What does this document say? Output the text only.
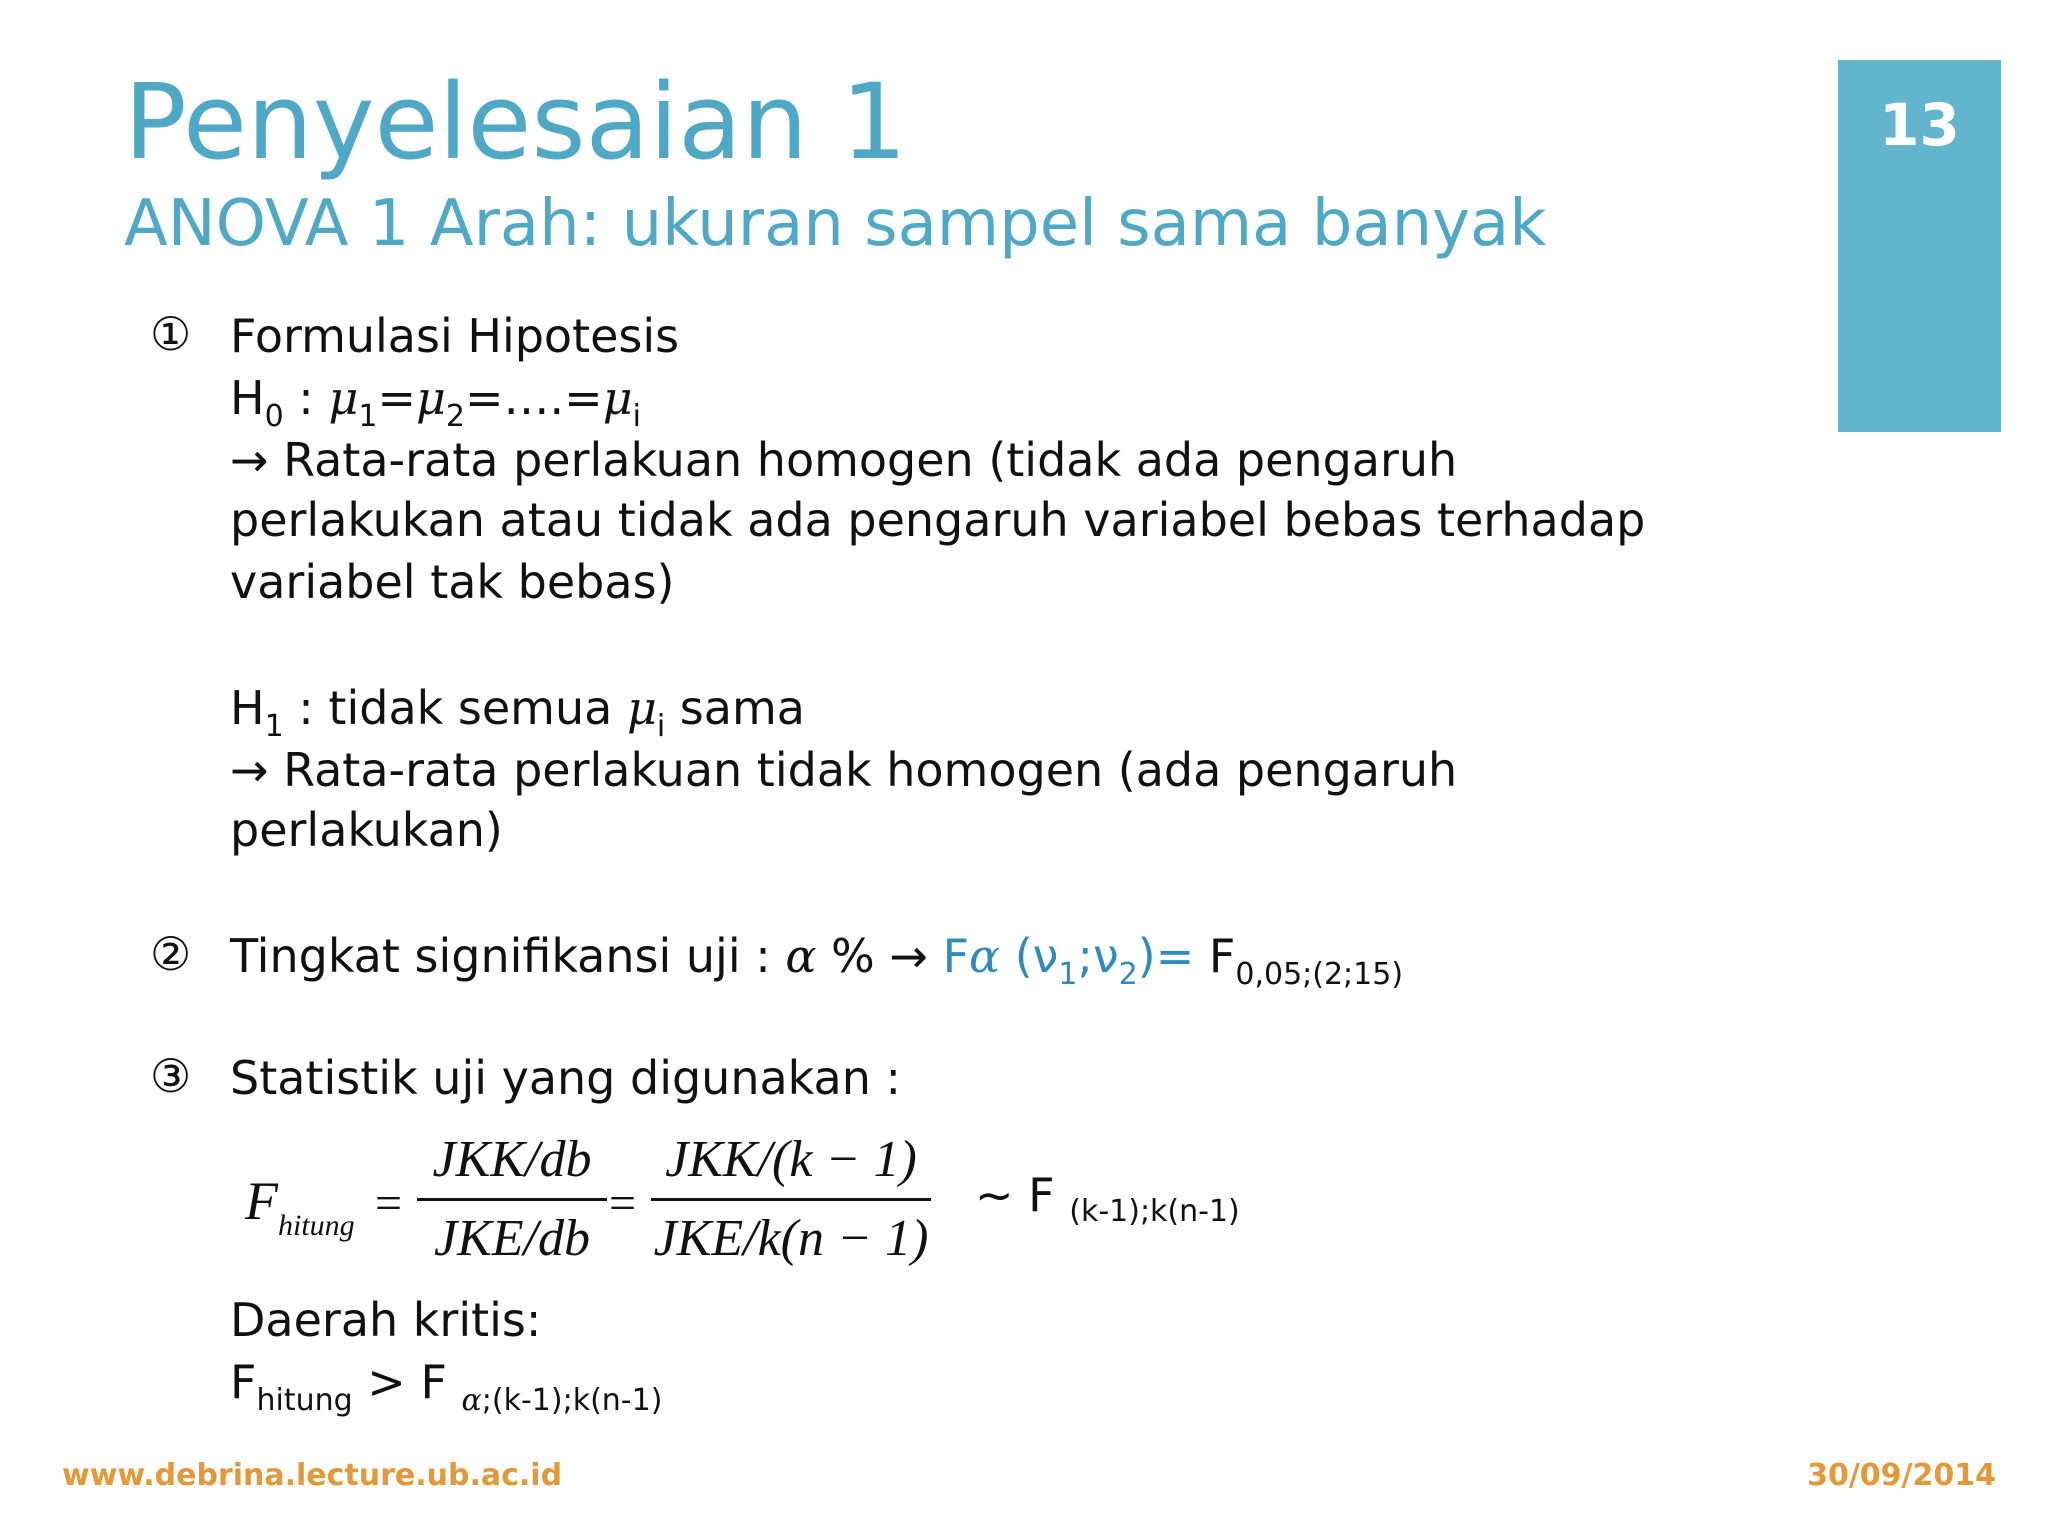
Penyelesaian 1
ANOVA 1 Arah: ukuran sampel sama banyak
13
① Formulasi Hipotesis
$H_0$ : $\mu_1=\mu_2=\dots.=\mu_i$
→ Rata-rata perlakuan homogen (tidak ada pengaruh
perlakukan atau tidak ada pengaruh variabel bebas terhadap
variabel tak bebas)
$H_1$ : tidak semua $\mu_i$ sama
→ Rata-rata perlakuan tidak homogen (ada pengaruh
perlakukan)
② Tingkat signifikansi uji : α % → Fα $(\nu_1;\nu_2)= F_{0,05;(2;15)}$
③ Statistik uji yang digunakan :
$F_{hitung}$ =
JKK/db
JKE/db
=
JKK/(k − 1)
JKE/k(n − 1)
~ F $_{(k-1);k(n-1)}$
Daerah kritis:
$F_{hitung} > F$ $_{\alpha;(k-1);k(n-1)}$
www.debrina.lecture.ub.ac.id	30/09/2014
